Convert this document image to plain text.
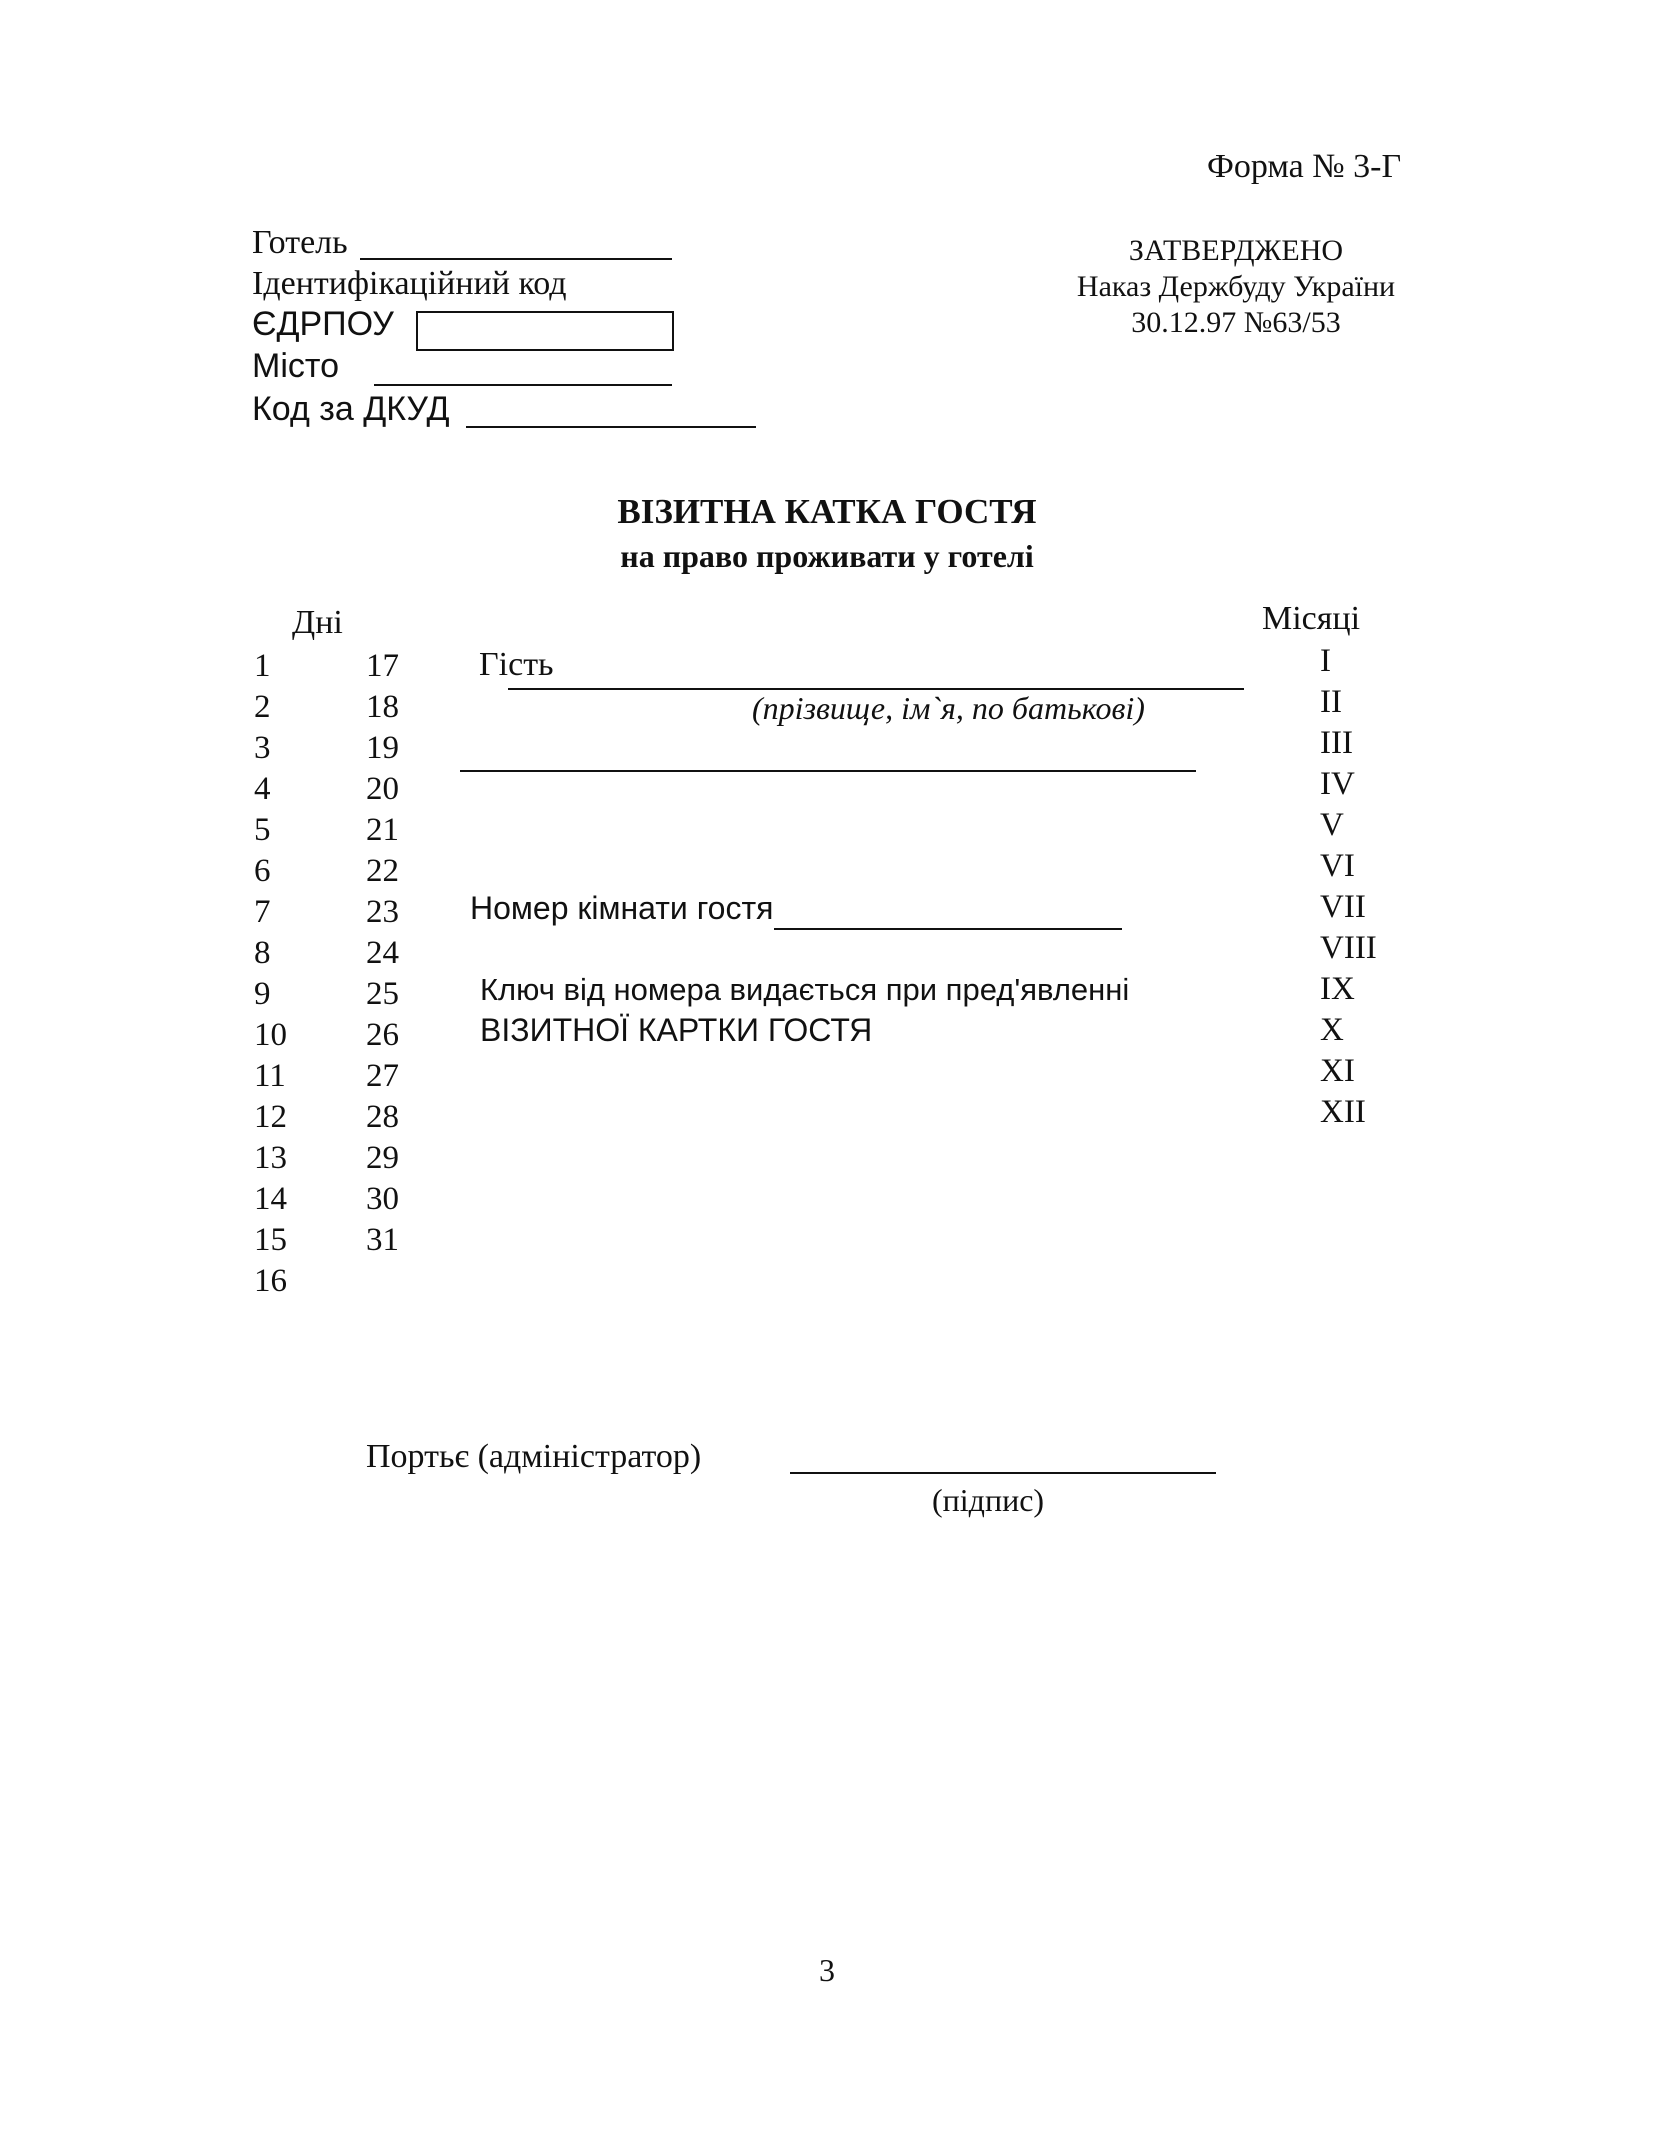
Форма № 3-Г
Готель
Ідентифікаційний код
ЄДРПОУ
Місто
Код за ДКУД
ЗАТВЕРДЖЕНО
Наказ Держбуду України
30.12.97 №63/53
ВІЗИТНА КАТКА ГОСТЯ
на право проживати у готелі
Дні
1
2
3
4
5
6
7
8
9
10
11
12
13
14
15
16
17
18
19
20
21
22
23
24
25
26
27
28
29
30
31
Місяці
I
II
III
IV
V
VI
VII
VIII
IX
X
XI
XII
Гість
(прізвище, ім`я, по батькові)
Номер кімнати гостя
Ключ від номера видається при пред'явленні
ВІЗИТНОЇ КАРТКИ ГОСТЯ
Портьє (адміністратор)
(підпис)
3
